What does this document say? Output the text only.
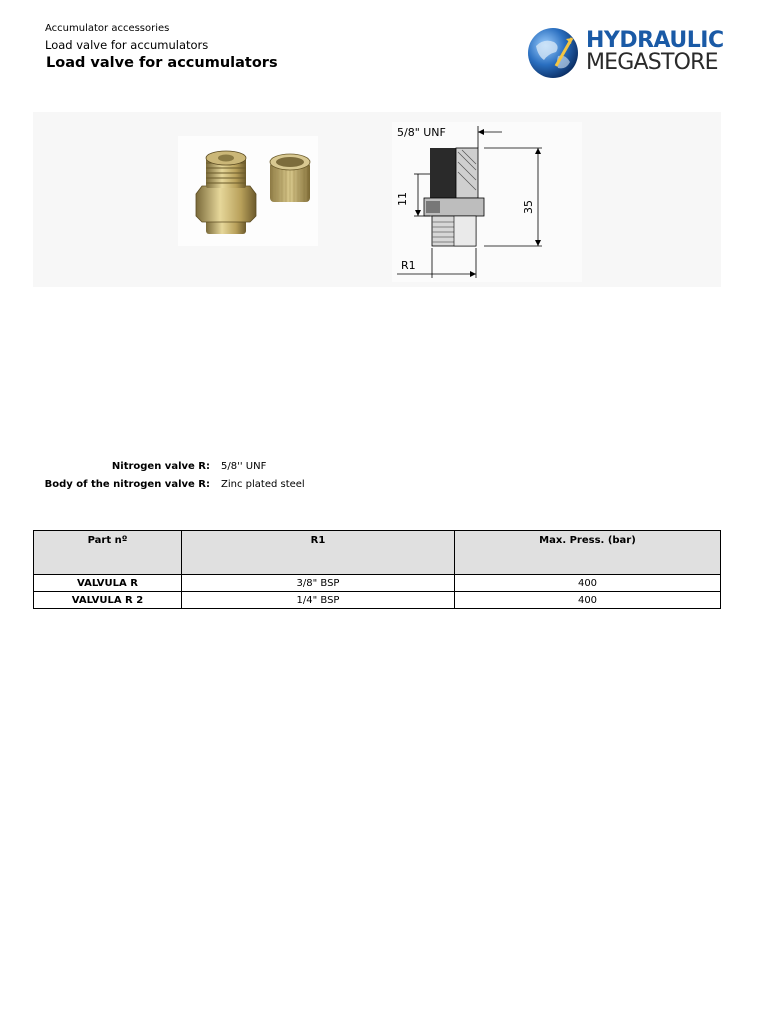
Accumulator accessories
Load valve for accumulators
Load valve for accumulators
HYDRAULIC
MEGASTORE
5/8" UNF
11
35
R1
Nitrogen valve R: 5/8'' UNF
Body of the nitrogen valve R: Zinc plated steel
Part nº	R1	Max. Press. (bar)
VALVULA R	3/8" BSP	400
VALVULA R 2	1/4" BSP	400
